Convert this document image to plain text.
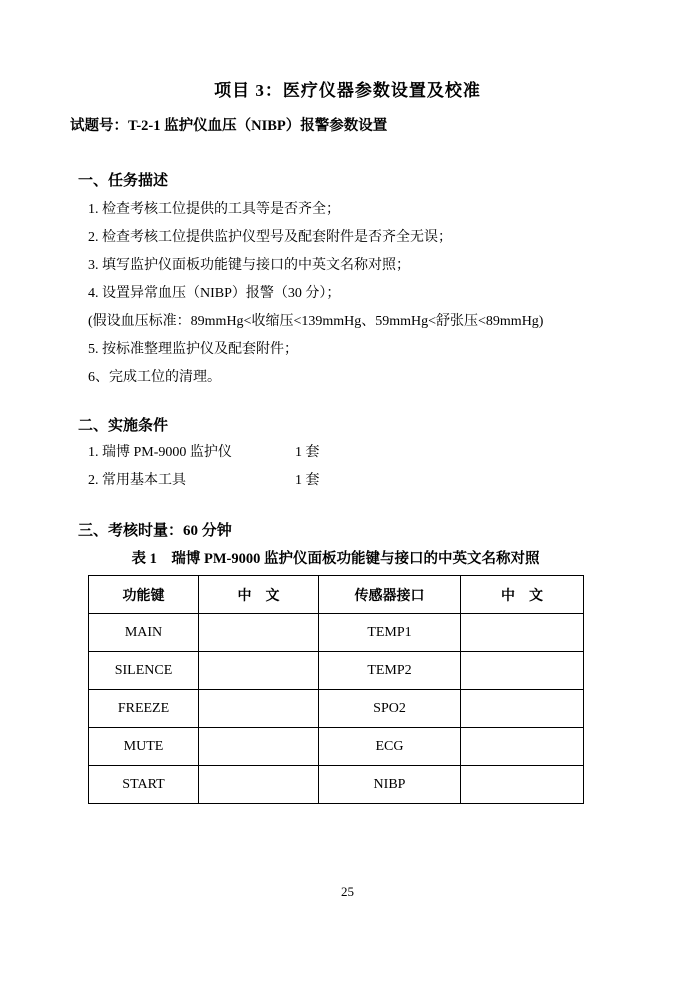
项目 3：医疗仪器参数设置及校准

试题号：T-2-1 监护仪血压（NIBP）报警参数设置

一、任务描述
1. 检查考核工位提供的工具等是否齐全；
2. 检查考核工位提供监护仪型号及配套附件是否齐全无误；
3. 填写监护仪面板功能键与接口的中英文名称对照；
4. 设置异常血压（NIBP）报警（30 分）；
(假设血压标准：89mmHg<收缩压<139mmHg、59mmHg<舒张压<89mmHg)
5. 按标准整理监护仪及配套附件；
6、完成工位的清理。
二、实施条件
1. 瑞博 PM-9000 监护仪	1 套
2. 常用基本工具	1 套
三、考核时量：60 分钟
表 1　瑞博 PM-9000 监护仪面板功能键与接口的中英文名称对照
功能键	中　文	传感器接口	中　文
MAIN		TEMP1	
SILENCE		TEMP2	
FREEZE		SPO2	
MUTE		ECG	
START		NIBP	
25
